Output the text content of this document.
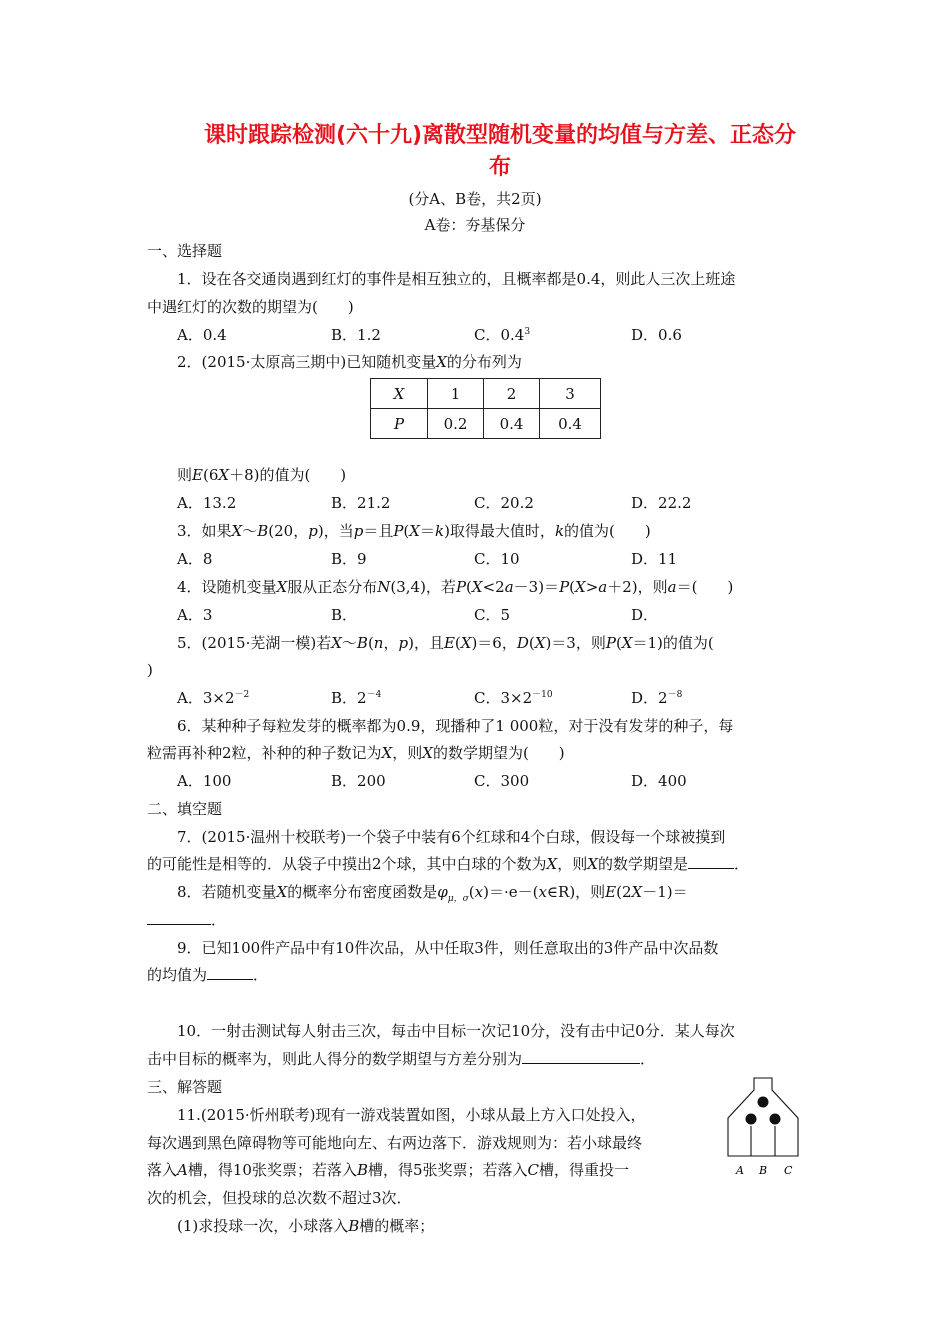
课时跟踪检测(六十九)离散型随机变量的均值与方差、正态分
布
(分A、B卷，共2页)
A卷：夯基保分
一、选择题
1．设在各交通岗遇到红灯的事件是相互独立的，且概率都是0.4，则此人三次上班途
中遇红灯的次数的期望为(　　)
A．0.4	B．1.2	C．$0.4^3$	D．0.6
2．(2015·太原高三期中)已知随机变量X的分布列为
X	1	2	3
P	0.2	0.4	0.4
则E(6X＋8)的值为(　　)
A．13.2	B．21.2	C．20.2	D．22.2
3．如果X～B(20，p)，当p＝且P(X＝k)取得最大值时，k的值为(　　)
A．8	B．9	C．10	D．11
4．设随机变量X服从正态分布N(3,4)，若P(X<2a－3)＝P(X>a＋2)，则a＝(　　)
A．3	B．	C．5	D．
5．(2015·芜湖一模)若X～B(n，p)，且E(X)＝6，D(X)＝3，则P(X＝1)的值为(
)
A．$3\times 2^{-2}$	B．$2^{-4}$	C．$3\times 2^{-10}$	D．$2^{-8}$
6．某种种子每粒发芽的概率都为0.9，现播种了1 000粒，对于没有发芽的种子，每
粒需再补种2粒，补种的种子数记为X，则X的数学期望为(　　)
A．100	B．200	C．300	D．400
二、填空题
7．(2015·温州十校联考)一个袋子中装有6个红球和4个白球，假设每一个球被摸到
的可能性是相等的．从袋子中摸出2个球，其中白球的个数为X，则X的数学期望是	．
8．若随机变量X的概率分布密度函数是$\varphi_{\mu,\sigma}(x)=\cdot e-(x\in R)$，则E(2X－1)＝
．
9．已知100件产品中有10件次品，从中任取3件，则任意取出的3件产品中次品数
的均值为	．
10．一射击测试每人射击三次，每击中目标一次记10分，没有击中记0分．某人每次
击中目标的概率为，则此人得分的数学期望与方差分别为	．
三、解答题
11.(2015·忻州联考)现有一游戏装置如图，小球从最上方入口处投入，
每次遇到黑色障碍物等可能地向左、右两边落下．游戏规则为：若小球最终
落入A槽，得10张奖票；若落入B槽，得5张奖票；若落入C槽，得重投一
次的机会，但投球的总次数不超过3次．
(1)求投球一次，小球落入B槽的概率；
A B C
